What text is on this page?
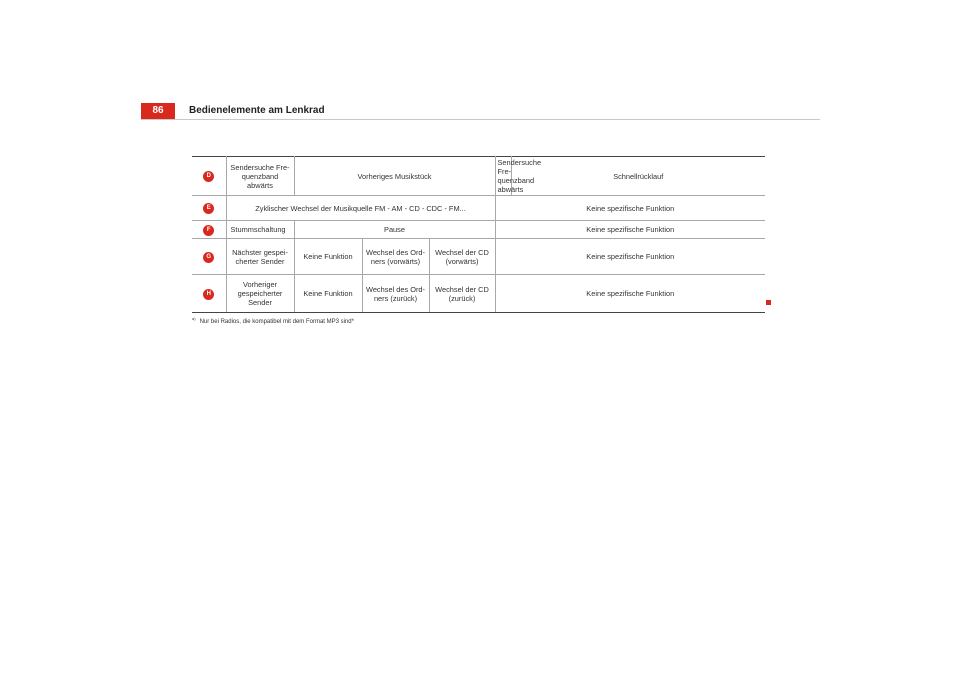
86	Bedienelemente am Lenkrad
D	Sendersuche Fre-quenzband abwärts	Vorheriges Musikstück			Sendersuche Fre-quenzband abwärts	Schnellrücklauf
E	Zyklischer Wechsel der Musikquelle FM - AM - CD - CDC - FM...				Keine spezifische Funktion	
F	Stummschaltung	Pause			Keine spezifische Funktion	
G	Nächster gespei-cherter Sender	Keine Funktion	Wechsel des Ord-ners (vorwärts)	Wechsel der CD (vorwärts)	Keine spezifische Funktion	
H	Vorheriger gespeicherter Sender	Keine Funktion	Wechsel des Ord-ners (zurück)	Wechsel der CD (zurück)	Keine spezifische Funktion	
$^{a)}$Nur bei Radios, die kompatibel mit dem Format MP3 sind*
